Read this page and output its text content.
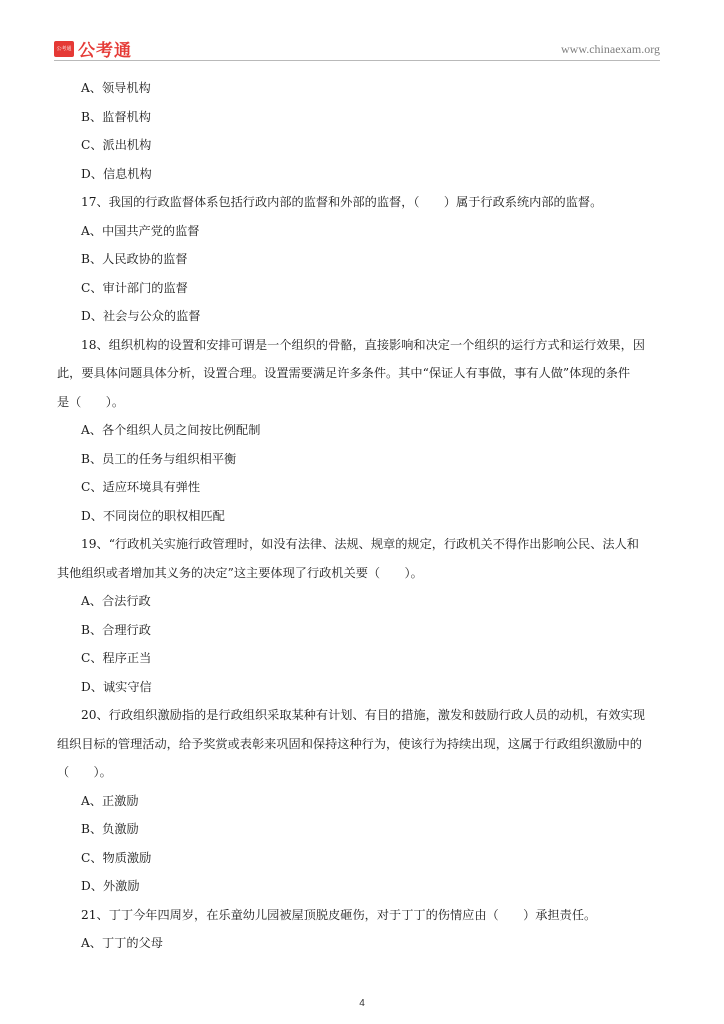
公考通 公考通	www.chinaexam.org
A、领导机构
B、监督机构
C、派出机构
D、信息机构
17、我国的行政监督体系包括行政内部的监督和外部的监督，（　　）属于行政系统内部的监督。
A、中国共产党的监督
B、人民政协的监督
C、审计部门的监督
D、社会与公众的监督
18、组织机构的设置和安排可谓是一个组织的骨骼，直接影响和决定一个组织的运行方式和运行效果，因
此，要具体问题具体分析，设置合理。设置需要满足许多条件。其中“保证人有事做，事有人做”体现的条件
是（　　）。
A、各个组织人员之间按比例配制
B、员工的任务与组织相平衡
C、适应环境具有弹性
D、不同岗位的职权相匹配
19、“行政机关实施行政管理时，如没有法律、法规、规章的规定，行政机关不得作出影响公民、法人和
其他组织或者增加其义务的决定”这主要体现了行政机关要（　　）。
A、合法行政
B、合理行政
C、程序正当
D、诚实守信
20、行政组织激励指的是行政组织采取某种有计划、有目的措施，激发和鼓励行政人员的动机，有效实现
组织目标的管理活动，给予奖赏或表彰来巩固和保持这种行为，使该行为持续出现，这属于行政组织激励中的
（　　）。
A、正激励
B、负激励
C、物质激励
D、外激励
21、丁丁今年四周岁，在乐童幼儿园被屋顶脱皮砸伤，对于丁丁的伤情应由（　　）承担责任。
A、丁丁的父母
4
